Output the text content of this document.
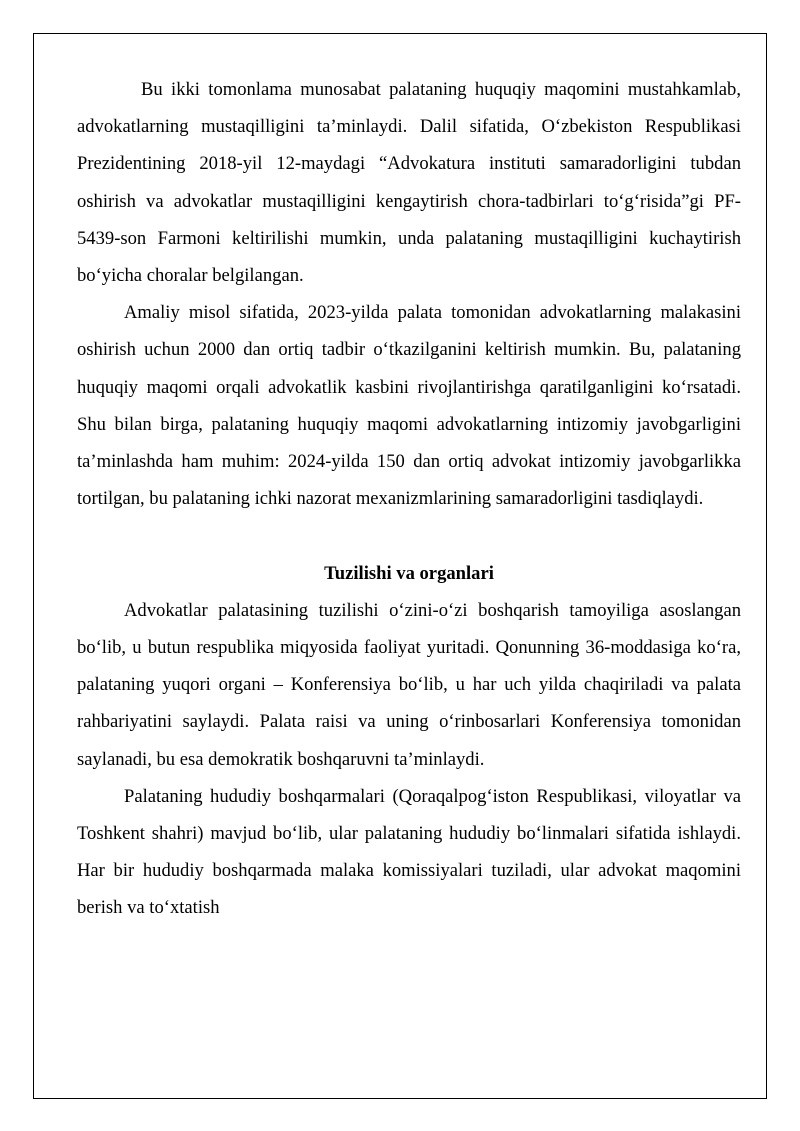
Bu ikki tomonlama munosabat palataning huquqiy maqomini mustahkamlab, advokatlarning mustaqilligini ta’minlaydi. Dalil sifatida, O‘zbekiston Respublikasi Prezidentining 2018-yil 12-maydagi “Advokatura instituti samaradorligini tubdan oshirish va advokatlar mustaqilligini kengaytirish chora-tadbirlari to‘g‘risida”gi PF-5439-son Farmoni keltirilishi mumkin, unda palataning mustaqilligini kuchaytirish bo‘yicha choralar belgilangan.

Amaliy misol sifatida, 2023-yilda palata tomonidan advokatlarning malakasini oshirish uchun 2000 dan ortiq tadbir o‘tkazilganini keltirish mumkin. Bu, palataning huquqiy maqomi orqali advokatlik kasbini rivojlantirishga qaratilganligini ko‘rsatadi. Shu bilan birga, palataning huquqiy maqomi advokatlarning intizomiy javobgarligini ta’minlashda ham muhim: 2024-yilda 150 dan ortiq advokat intizomiy javobgarlikka tortilgan, bu palataning ichki nazorat mexanizmlarining samaradorligini tasdiqlaydi.

Tuzilishi va organlari

Advokatlar palatasining tuzilishi o‘zini-o‘zi boshqarish tamoyiliga asoslangan bo‘lib, u butun respublika miqyosida faoliyat yuritadi. Qonunning 36-moddasiga ko‘ra, palataning yuqori organi – Konferensiya bo‘lib, u har uch yilda chaqiriladi va palata rahbariyatini saylaydi. Palata raisi va uning o‘rinbosarlari Konferensiya tomonidan saylanadi, bu esa demokratik boshqaruvni ta’minlaydi.

Palataning hududiy boshqarmalari (Qoraqalpog‘iston Respublikasi, viloyatlar va Toshkent shahri) mavjud bo‘lib, ular palataning hududiy bo‘linmalari sifatida ishlaydi. Har bir hududiy boshqarmada malaka komissiyalari tuziladi, ular advokat maqomini berish va to‘xtatish
